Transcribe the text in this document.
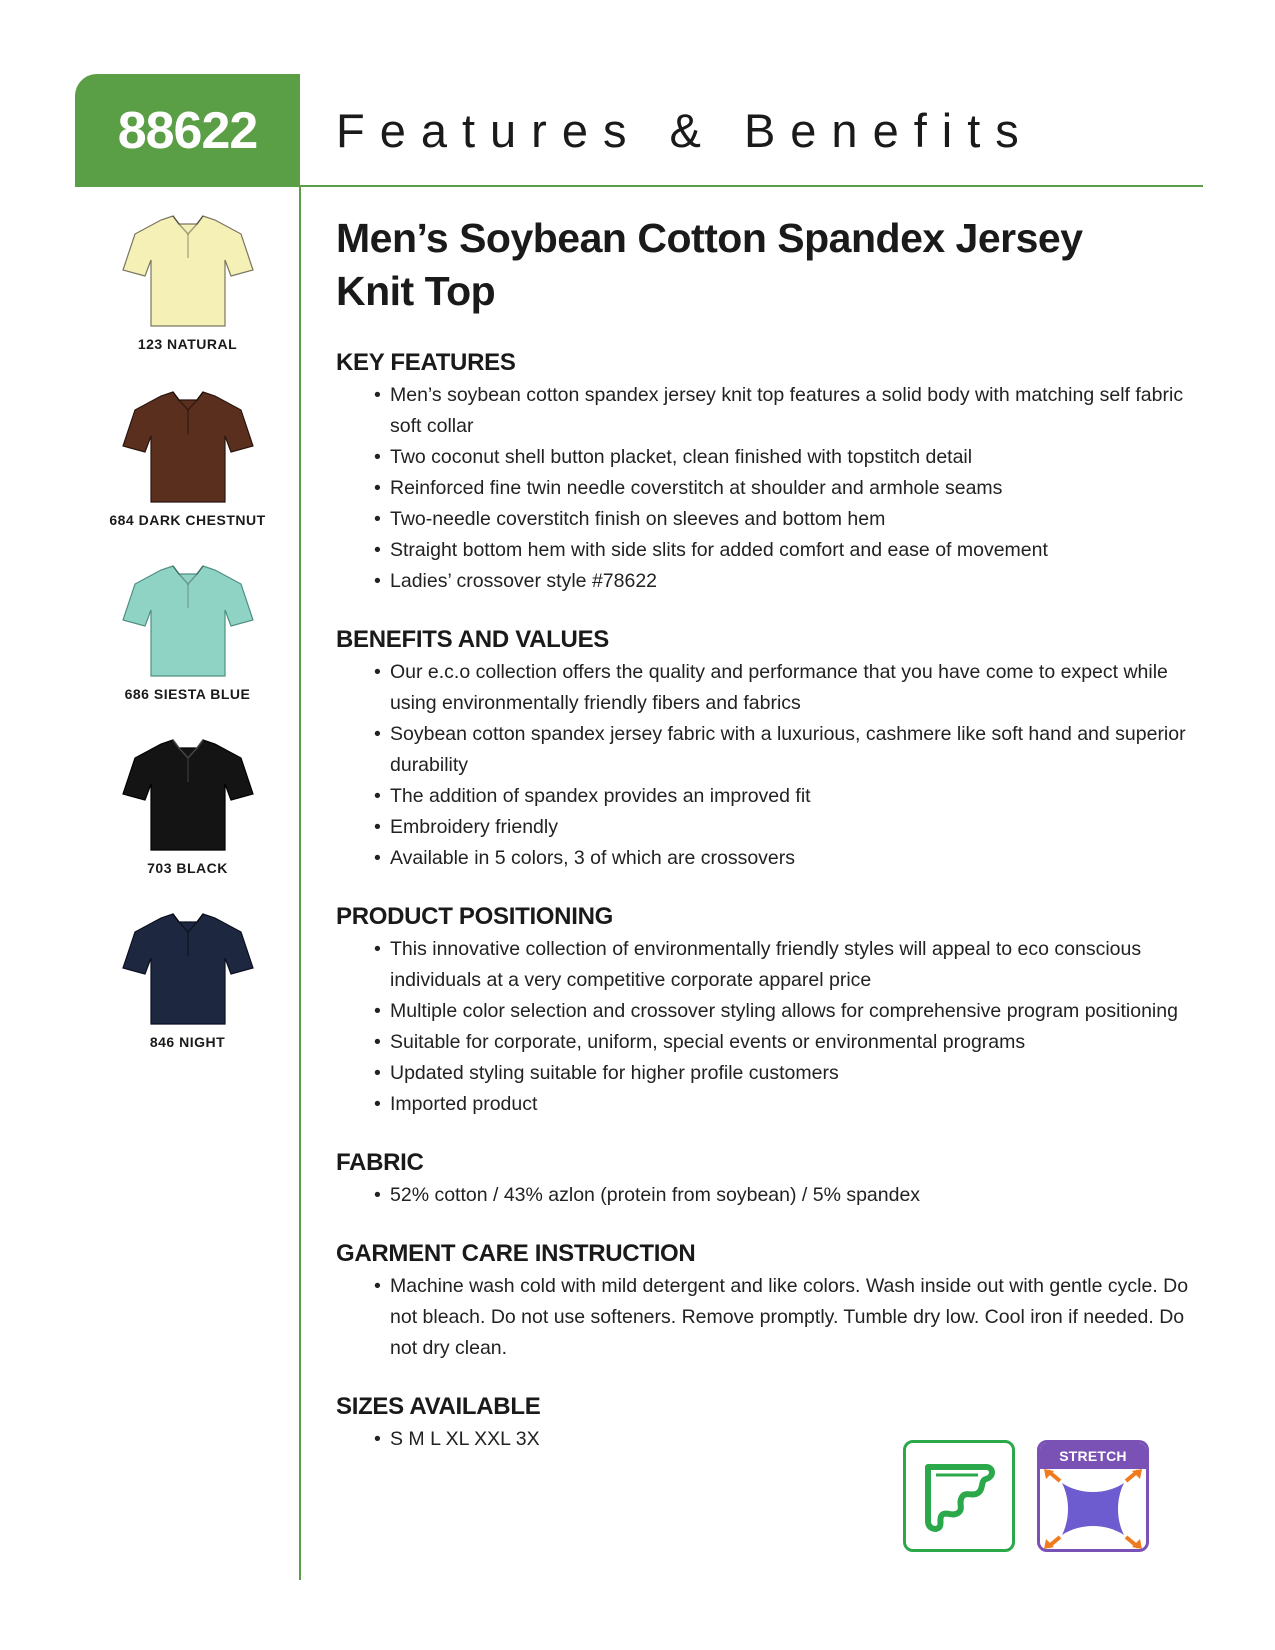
88622 Features & Benefits
123 NATURAL
684 DARK CHESTNUT
686 SIESTA BLUE
703 BLACK
846 NIGHT
Men’s Soybean Cotton Spandex Jersey Knit Top
KEY FEATURES
• Men’s soybean cotton spandex jersey knit top features a solid body with matching self fabric soft collar
• Two coconut shell button placket, clean finished with topstitch detail
• Reinforced fine twin needle coverstitch at shoulder and armhole seams
• Two-needle coverstitch finish on sleeves and bottom hem
• Straight bottom hem with side slits for added comfort and ease of movement
• Ladies’ crossover style #78622
BENEFITS AND VALUES
• Our e.c.o collection offers the quality and performance that you have come to expect while using environmentally friendly fibers and fabrics
• Soybean cotton spandex jersey fabric with a luxurious, cashmere like soft hand and superior durability
• The addition of spandex provides an improved fit
• Embroidery friendly
• Available in 5 colors, 3 of which are crossovers
PRODUCT POSITIONING
• This innovative collection of environmentally friendly styles will appeal to eco conscious individuals at a very competitive corporate apparel price
• Multiple color selection and crossover styling allows for comprehensive program positioning
• Suitable for corporate, uniform, special events or environmental programs
• Updated styling suitable for higher profile customers
• Imported product
FABRIC
• 52% cotton / 43% azlon (protein from soybean) / 5% spandex
GARMENT CARE INSTRUCTION
• Machine wash cold with mild detergent and like colors. Wash inside out with gentle cycle. Do not bleach. Do not use softeners. Remove promptly. Tumble dry low. Cool iron if needed. Do not dry clean.
SIZES AVAILABLE
• S M L XL XXL 3X
STRETCH
